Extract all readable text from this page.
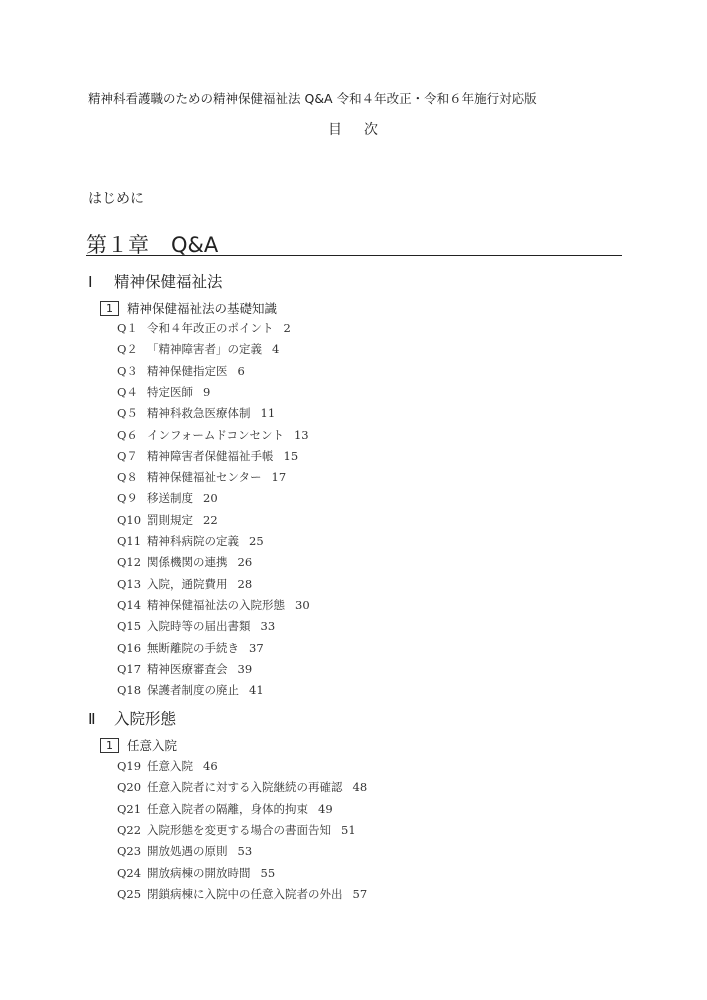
精神科看護職のための精神保健福祉法 Q&A 令和４年改正・令和６年施行対応版
目次
はじめに
第１章 Q&A
Ⅰ 精神保健福祉法
1 精神保健福祉法の基礎知識
Q１ 令和４年改正のポイント 2
Q２ 「精神障害者」の定義 4
Q３ 精神保健指定医 6
Q４ 特定医師 9
Q５ 精神科救急医療体制 11
Q６ インフォームドコンセント 13
Q７ 精神障害者保健福祉手帳 15
Q８ 精神保健福祉センター 17
Q９ 移送制度 20
Q10 罰則規定 22
Q11 精神科病院の定義 25
Q12 関係機関の連携 26
Q13 入院，通院費用 28
Q14 精神保健福祉法の入院形態 30
Q15 入院時等の届出書類 33
Q16 無断離院の手続き 37
Q17 精神医療審査会 39
Q18 保護者制度の廃止 41
Ⅱ 入院形態
1 任意入院
Q19 任意入院 46
Q20 任意入院者に対する入院継続の再確認 48
Q21 任意入院者の隔離，身体的拘束 49
Q22 入院形態を変更する場合の書面告知 51
Q23 開放処遇の原則 53
Q24 開放病棟の開放時間 55
Q25 閉鎖病棟に入院中の任意入院者の外出 57
